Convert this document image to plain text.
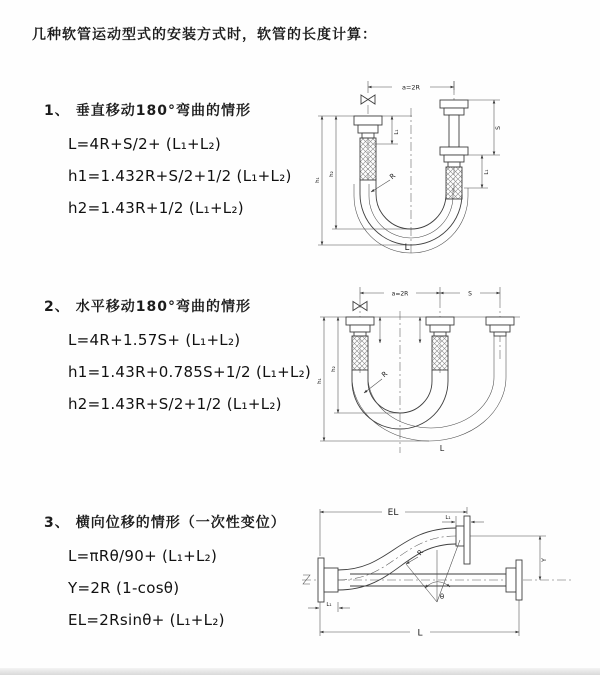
几种软管运动型式的安装方式时，软管的长度计算：
1、 垂直移动180°弯曲的情形
L=4R+S/2+ (L₁+L₂)
h1=1.432R+S/2+1/2 (L₁+L₂)
h2=1.43R+1/2 (L₁+L₂)
a=2R
L₁
S
L₁
h₁
h₂	R
L
2、 水平移动180°弯曲的情形
L=4R+1.57S+ (L₁+L₂)
h1=1.43R+0.785S+1/2 (L₁+L₂)
h2=1.43R+S/2+1/2 (L₁+L₂)
a=2R	S
h₁
h₂
R
L
3、 横向位移的情形（一次性变位）
L=πRθ/90+ (L₁+L₂)
Y=2R (1-cosθ)
EL=2Rsinθ+ (L₁+L₂)
EL	L₁
Y
θ
R
L₁
L
